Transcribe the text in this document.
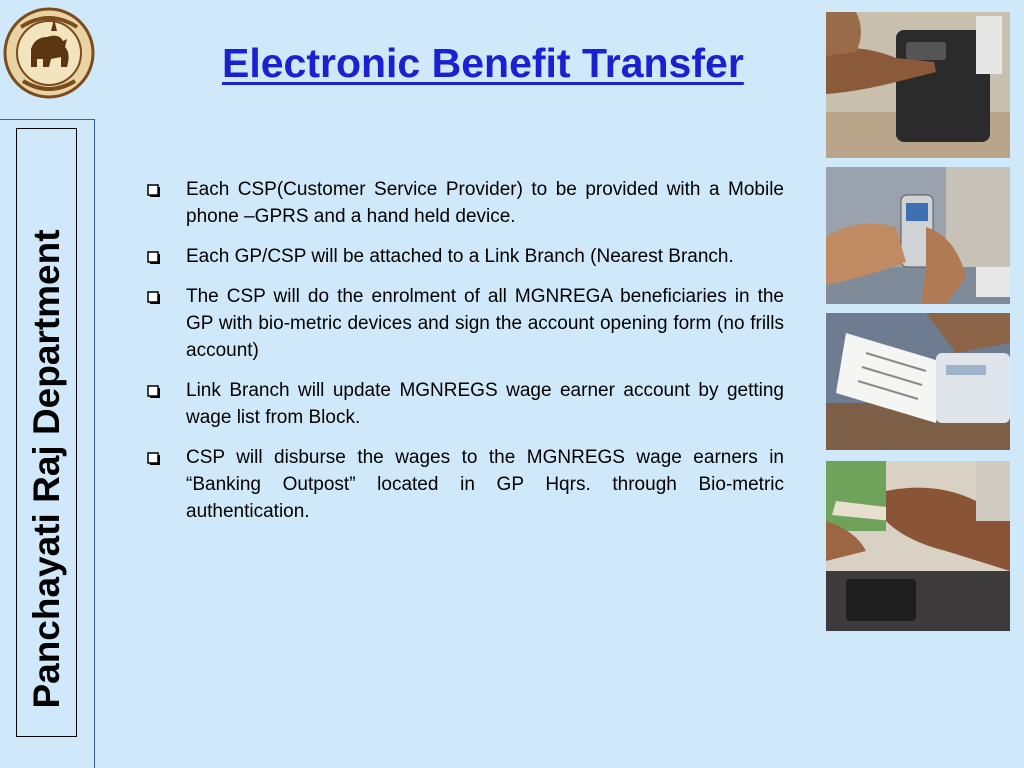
Panchayati Raj Department
Electronic Benefit Transfer
Each CSP(Customer Service Provider) to be provided with a Mobile phone –GPRS and a hand held device.
Each GP/CSP will be attached to a Link Branch (Nearest Branch.
The CSP will do the enrolment of all MGNREGA beneficiaries in the GP with bio-metric devices and sign the account opening form (no frills account)
Link Branch will update MGNREGS wage earner account by getting wage list from Block.
CSP will disburse the wages to the MGNREGS wage earners in “Banking Outpost” located in GP Hqrs. through Bio-metric authentication.
